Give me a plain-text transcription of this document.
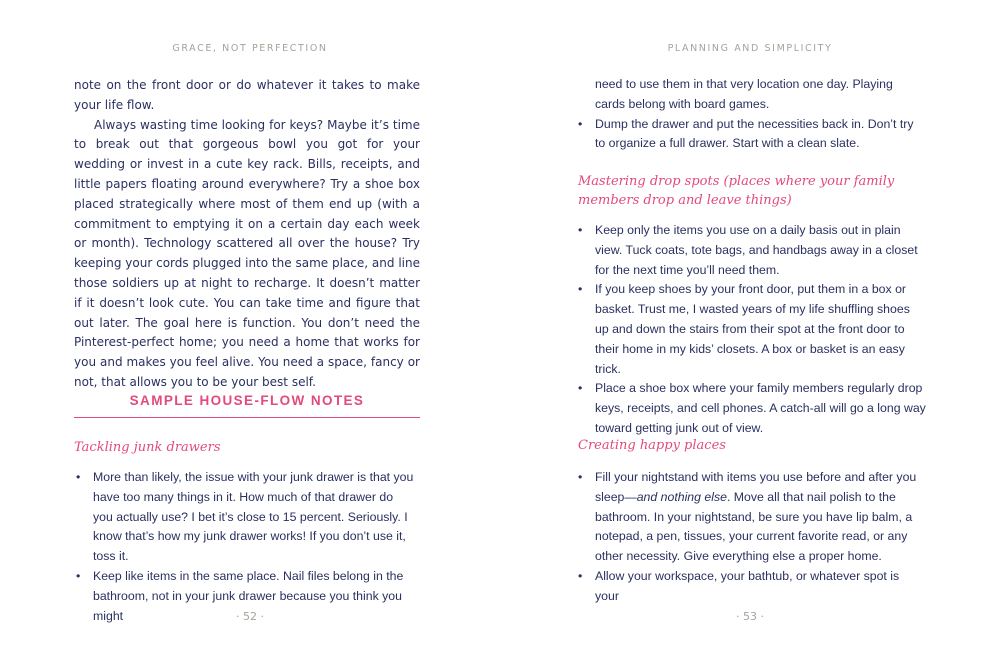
GRACE, NOT PERFECTION

note on the front door or do whatever it takes to make your life flow.

Always wasting time looking for keys? Maybe it’s time to break out that gorgeous bowl you got for your wedding or invest in a cute key rack. Bills, receipts, and little papers floating around everywhere? Try a shoe box placed strategically where most of them end up (with a commitment to emptying it on a certain day each week or month). Technology scattered all over the house? Try keeping your cords plugged into the same place, and line those soldiers up at night to recharge. It doesn’t matter if it doesn’t look cute. You can take time and figure that out later. The goal here is function. You don’t need the Pinterest-perfect home; you need a home that works for you and makes you feel alive. You need a space, fancy or not, that allows you to be your best self.

SAMPLE HOUSE-FLOW NOTES
Tackling junk drawers
• More than likely, the issue with your junk drawer is that you have too many things in it. How much of that drawer do you actually use? I bet it’s close to 15 percent. Seriously. I know that’s how my junk drawer works! If you don’t use it, toss it.
• Keep like items in the same place. Nail files belong in the bathroom, not in your junk drawer because you think you might	· 52 ·
PLANNING AND SIMPLICITY
need to use them in that very location one day. Playing cards belong with board games.
• Dump the drawer and put the necessities back in. Don’t try to organize a full drawer. Start with a clean slate.
Mastering drop spots (places where your family members drop and leave things)
• Keep only the items you use on a daily basis out in plain view. Tuck coats, tote bags, and handbags away in a closet for the next time you’ll need them.
• If you keep shoes by your front door, put them in a box or basket. Trust me, I wasted years of my life shuffling shoes up and down the stairs from their spot at the front door to their home in my kids’ closets. A box or basket is an easy trick.
• Place a shoe box where your family members regularly drop keys, receipts, and cell phones. A catch-all will go a long way toward getting junk out of view.
Creating happy places
• Fill your nightstand with items you use before and after you sleep—and nothing else. Move all that nail polish to the bathroom. In your nightstand, be sure you have lip balm, a notepad, a pen, tissues, your current favorite read, or any other necessity. Give everything else a proper home.
• Allow your workspace, your bathtub, or whatever spot is your
· 53 ·
